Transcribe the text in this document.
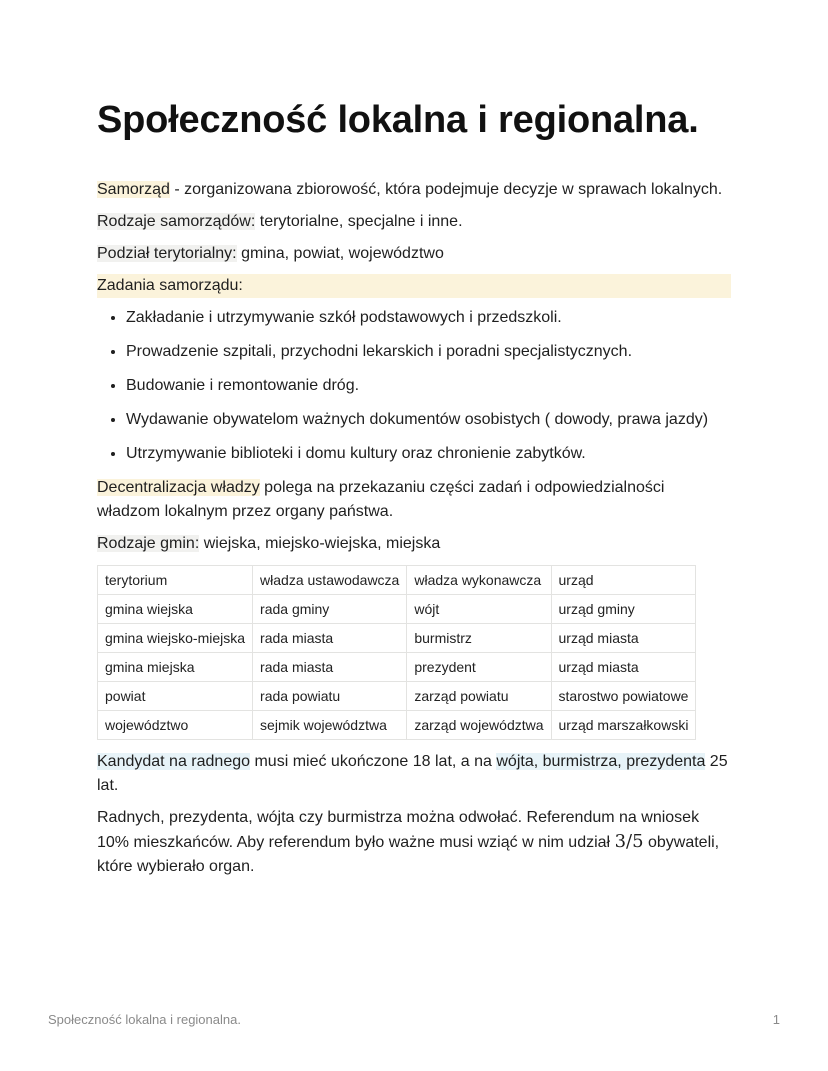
Społeczność lokalna i regionalna.

Samorząd - zorganizowana zbiorowość, która podejmuje decyzje w sprawach lokalnych.

Rodzaje samorządów: terytorialne, specjalne i inne.

Podział terytorialny: gmina, powiat, województwo

Zadania samorządu:

• Zakładanie i utrzymywanie szkół podstawowych i przedszkoli.
• Prowadzenie szpitali, przychodni lekarskich i poradni specjalistycznych.
• Budowanie i remontowanie dróg.
• Wydawanie obywatelom ważnych dokumentów osobistych ( dowody, prawa jazdy)
• Utrzymywanie biblioteki i domu kultury oraz chronienie zabytków.

Decentralizacja władzy polega na przekazaniu części zadań i odpowiedzialności władzom lokalnym przez organy państwa.

Rodzaje gmin: wiejska, miejsko-wiejska, miejska

terytorium	władza ustawodawcza	władza wykonawcza	urząd
gmina wiejska	rada gminy	wójt	urząd gminy
gmina wiejsko-miejska	rada miasta	burmistrz	urząd miasta
gmina miejska	rada miasta	prezydent	urząd miasta
powiat	rada powiatu	zarząd powiatu	starostwo powiatowe
województwo	sejmik województwa	zarząd województwa	urząd marszałkowski

Kandydat na radnego musi mieć ukończone 18 lat, a na wójta, burmistrza, prezydenta 25 lat.

Radnych, prezydenta, wójta czy burmistrza można odwołać. Referendum na wniosek 10% mieszkańców. Aby referendum było ważne musi wziąć w nim udział 3/5 obywateli, które wybierało organ.

Społeczność lokalna i regionalna.	1
